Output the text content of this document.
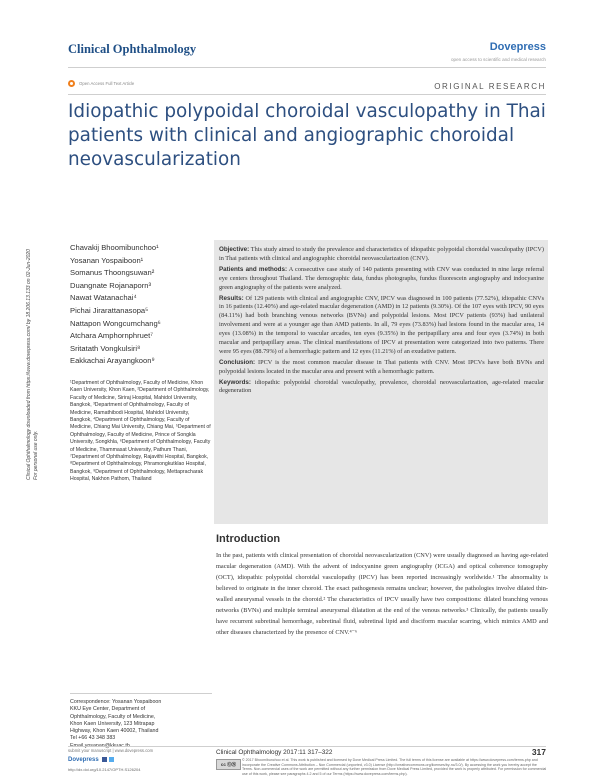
Clinical Ophthalmology	Dovepress
open access to scientific and medical research
Open Access Full Text Article	ORIGINAL RESEARCH
Idiopathic polypoidal choroidal vasculopathy in Thai patients with clinical and angiographic choroidal neovascularization
Clinical Ophthalmology downloaded from https://www.dovepress.com/ by 18.206.13.133 on 02-Jun-2020
For personal use only.
Chavakij Bhoomibunchoo¹
Yosanan Yospaiboon¹
Somanus Thoongsuwan²
Duangnate Rojanaporn³
Nawat Watanachai⁴
Pichai Jirarattanasopa⁵
Nattapon Wongcumchang⁶
Atchara Amphornphruet⁷
Sritatath Vongkulsiri⁸
Eakkachai Arayangkoon⁹
¹Department of Ophthalmology, Faculty of Medicine, Khon Kaen University, Khon Kaen, ²Department of Ophthalmology, Faculty of Medicine, Siriraj Hospital, Mahidol University, Bangkok, ³Department of Ophthalmology, Faculty of Medicine, Ramathibodi Hospital, Mahidol University, Bangkok, ⁴Department of Ophthalmology, Faculty of Medicine, Chiang Mai University, Chiang Mai, ⁵Department of Ophthalmology, Faculty of Medicine, Prince of Songkla University, Songkhla, ⁶Department of Ophthalmology, Faculty of Medicine, Thammasat University, Pathum Thani, ⁷Department of Ophthalmology, Rajavithi Hospital, Bangkok, ⁸Department of Ophthalmology, Phramongkutklao Hospital, Bangkok, ⁹Department of Ophthalmology, Mettapracharak Hospital, Nakhon Pathom, Thailand
Correspondence: Yosanan Yospaiboon
KKU Eye Center, Department of
Ophthalmology, Faculty of Medicine,
Khon Kaen University, 123 Mitrapap
Highway, Khon Kaen 40002, Thailand
Tel +66 43 348 383

Objective: This study aimed to study the prevalence and characteristics of idiopathic polypoidal choroidal vasculopathy (IPCV) in Thai patients with clinical and angiographic choroidal neovascularization (CNV).

Patients and methods: A consecutive case study of 140 patients presenting with CNV was conducted in nine large referral eye centers throughout Thailand. The demographic data, fundus photographs, fundus fluorescein angiography and indocyanine green angiography of the patients were analyzed.

Results: Of 129 patients with clinical and angiographic CNV, IPCV was diagnosed in 100 patients (77.52%), idiopathic CNVs in 16 patients (12.40%) and age-related macular degeneration (AMD) in 12 patients (9.30%). Of the 107 eyes with IPCV, 90 eyes (84.11%) had both branching venous networks (BVNs) and polypoidal lesions. Most IPCV patients (93%) had unilateral involvement and were at a younger age than AMD patients. In all, 79 eyes (73.83%) had lesions found in the macular area, 14 eyes (13.08%) in the temporal to vascular arcades, ten eyes (9.35%) in the peripapillary area and four eyes (3.74%) in both macular and peripapillary areas. The clinical manifestations of IPCV at presentation were categorized into two patterns. There were 95 eyes (88.79%) of a hemorrhagic pattern and 12 eyes (11.21%) of an exudative pattern.

Conclusion: IPCV is the most common macular disease in Thai patients with CNV. Most IPCVs have both BVNs and polypoidal lesions located in the macular area and present with a hemorrhagic pattern.

Keywords: idiopathic polypoidal choroidal vasculopathy, prevalence, choroidal neovascularization, age-related macular degeneration

Introduction

In the past, patients with clinical presentation of choroidal neovascularization (CNV) were usually diagnosed as having age-related macular degeneration (AMD). With the advent of indocyanine green angiography (ICGA) and optical coherence tomography (OCT), idiopathic polypoidal choroidal vasculopathy (IPCV) has been reported increasingly worldwide.¹ The abnormality is believed to originate in the inner choroid. The exact pathogenesis remains unclear; however, the pathologies involve dilated thin-walled aneurysmal vessels in the choroid.² The characteristics of IPCV usually have two compositions: dilated branching venous networks (BVNs) and multiple terminal aneurysmal dilatation at the end of the venous networks.³ Clinically, the patients usually have recurrent subretinal hemorrhage, subretinal fluid, subretinal lipid and disciform macular scarring, which mimics AMD and other diseases characterized by the presence of CNV.⁴⁻⁶

submit your manuscript | www.dovepress.com
Dovepress
http://dx.doi.org/10.2147/OPTH.S126204
Clinical Ophthalmology 2017:11 317–322	317
cc ⒼⓃ
© 2017 Bhoomibunchoo et al. This work is published and licensed by Dove Medical Press Limited. The full terms of this license are available at https://www.dovepress.com/terms.php and incorporate the Creative Commons Attribution – Non Commercial (unported, v3.0) License (http://creativecommons.org/licenses/by-nc/3.0/). By accessing the work you hereby accept the Terms. Non-commercial uses of the work are permitted without any further permission from Dove Medical Press Limited, provided the work is properly attributed. For permission for commercial use of this work, please see paragraphs 4.2 and 5 of our Terms (https://www.dovepress.com/terms.php).
